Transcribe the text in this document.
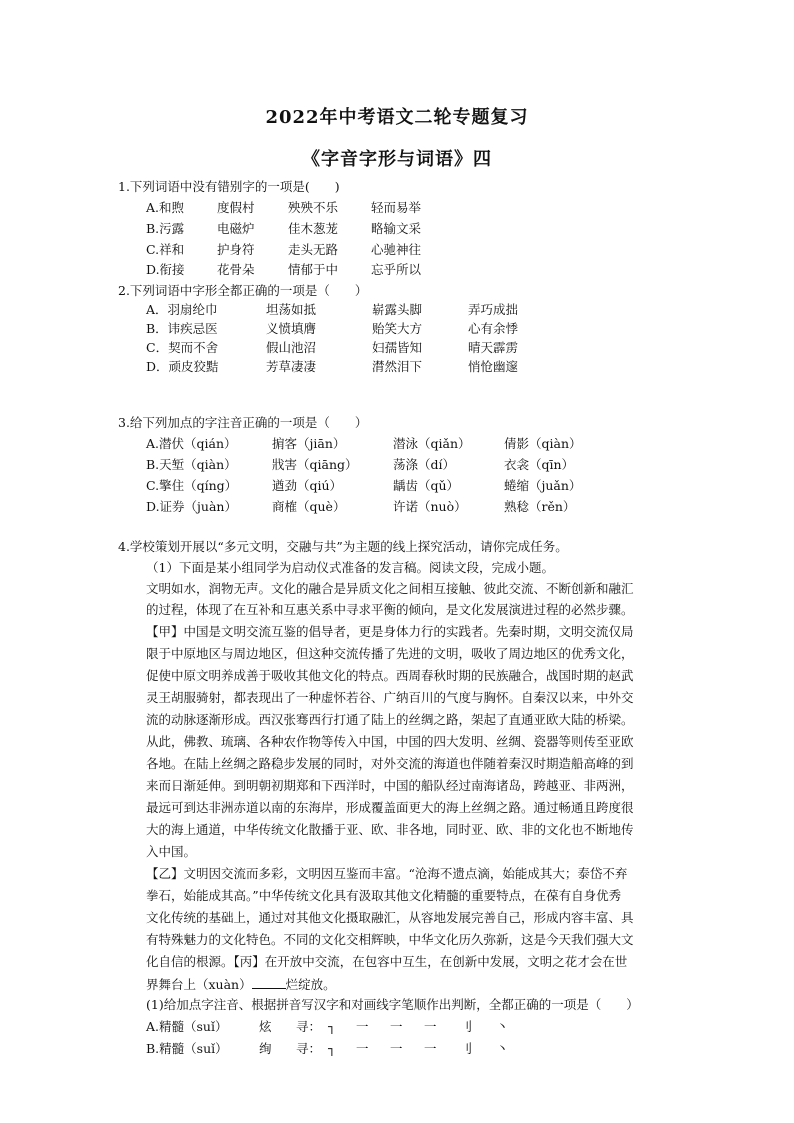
2022年中考语文二轮专题复习
《字音字形与词语》四
1.下列词语中没有错别字的一项是(　　)
A.和煦	度假村	殃殃不乐	轻而易举
B.污露	电磁炉	佳木葱茏	略输文采
C.祥和	护身符	走头无路	心驰神往
D.衔接	花骨朵	情郁于中	忘乎所以
2.下列词语中字形全都正确的一项是（　　）
A．羽扇纶巾	坦荡如抵	崭露头脚	弄巧成拙
B．讳疾忌医	义愤填膺	贻笑大方	心有余悸
C．契而不舍	假山池沼	妇孺皆知	晴天霹雳
D．顽皮狡黠	芳草凄凄	潸然泪下	悄怆幽邃
3.给下列加点的字注音正确的一项是（　　）
A.潜伏（qián）	掮客（jiān）	潜泳（qiǎn）	倩影（qiàn）
B.天堑（qiàn）	戕害（qiāng）	荡涤（dí）	衣衾（qīn）
C.擎住（qíng）	遒劲（qiú）	龋齿（qǔ）	蜷缩（juǎn）
D.证券（juàn）	商榷（què）	许诺（nuò）	熟稔（rěn）
4.学校策划开展以“多元文明，交融与共”为主题的线上探究活动，请你完成任务。
（1）下面是某小组同学为启动仪式准备的发言稿。阅读文段，完成小题。
文明如水，润物无声。文化的融合是异质文化之间相互接触、彼此交流、不断创新和融汇
的过程，体现了在互补和互惠关系中寻求平衡的倾向，是文化发展演进过程的必然步骤。
【甲】中国是文明交流互鉴的倡导者，更是身体力行的实践者。先秦时期，文明交流仅局
限于中原地区与周边地区，但这种交流传播了先进的文明，吸收了周边地区的优秀文化，
促使中原文明养成善于吸收其他文化的特点。西周春秋时期的民族融合，战国时期的赵武
灵王胡服骑射，都表现出了一种虚怀若谷、广纳百川的气度与胸怀。自秦汉以来，中外交
流的动脉逐渐形成。西汉张骞西行打通了陆上的丝绸之路，架起了直通亚欧大陆的桥梁。
从此，佛教、琉璃、各种农作物等传入中国，中国的四大发明、丝绸、瓷器等则传至亚欧
各地。在陆上丝绸之路稳步发展的同时，对外交流的海道也伴随着秦汉时期造船高峰的到
来而日渐延伸。到明朝初期郑和下西洋时，中国的船队经过南海诸岛，跨越亚、非两洲，
最远可到达非洲赤道以南的东海岸，形成覆盖面更大的海上丝绸之路。通过畅通且跨度很
大的海上通道，中华传统文化散播于亚、欧、非各地，同时亚、欧、非的文化也不断地传
入中国。
【乙】文明因交流而多彩，文明因互鉴而丰富。“沧海不遗点滴，始能成其大；泰岱不弃
拳石，始能成其高。”中华传统文化具有汲取其他文化精髓的重要特点，在葆有自身优秀
文化传统的基础上，通过对其他文化摄取融汇，从容地发展完善自己，形成内容丰富、具
有特殊魅力的文化特色。不同的文化交相辉映，中华文化历久弥新，这是今天我们强大文
化自信的根源。【丙】在开放中交流，在包容中互生，在创新中发展，文明之花才会在世
界舞台上（xuàn）	烂绽放。
(1)给加点字注音、根据拼音写汉字和对画线字笔顺作出判断，全都正确的一项是（　　）
A.精髓（suǐ）	炫 寻： ┐ 一 一 一 刂 丶
B.精髓（suǐ）	绚 寻： ┐ 一 一 一 刂 丶
